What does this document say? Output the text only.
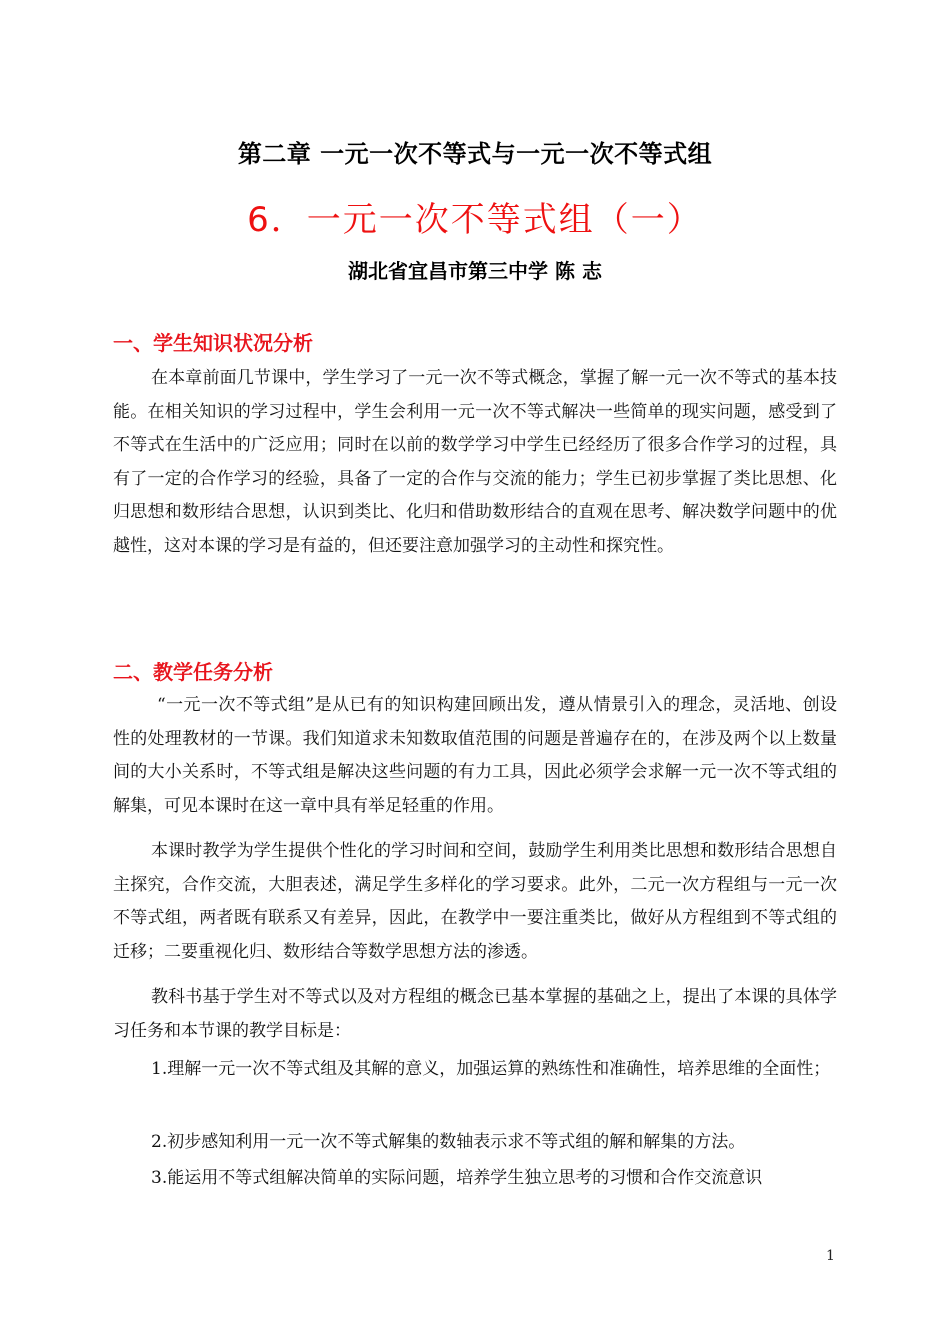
第二章 一元一次不等式与一元一次不等式组
6．一元一次不等式组（一）
湖北省宜昌市第三中学 陈 志
一、学生知识状况分析

在本章前面几节课中，学生学习了一元一次不等式概念，掌握了解一元一次不等式的基本技能。在相关知识的学习过程中，学生会利用一元一次不等式解决一些简单的现实问题，感受到了不等式在生活中的广泛应用；同时在以前的数学学习中学生已经经历了很多合作学习的过程，具有了一定的合作学习的经验，具备了一定的合作与交流的能力；学生已初步掌握了类比思想、化归思想和数形结合思想，认识到类比、化归和借助数形结合的直观在思考、解决数学问题中的优越性，这对本课的学习是有益的，但还要注意加强学习的主动性和探究性。

二、教学任务分析

“一元一次不等式组”是从已有的知识构建回顾出发，遵从情景引入的理念，灵活地、创设性的处理教材的一节课。我们知道求未知数取值范围的问题是普遍存在的，在涉及两个以上数量间的大小关系时，不等式组是解决这些问题的有力工具，因此必须学会求解一元一次不等式组的解集，可见本课时在这一章中具有举足轻重的作用。

本课时教学为学生提供个性化的学习时间和空间，鼓励学生利用类比思想和数形结合思想自主探究，合作交流，大胆表述，满足学生多样化的学习要求。此外，二元一次方程组与一元一次不等式组，两者既有联系又有差异，因此，在教学中一要注重类比，做好从方程组到不等式组的迁移；二要重视化归、数形结合等数学思想方法的渗透。

教科书基于学生对不等式以及对方程组的概念已基本掌握的基础之上，提出了本课的具体学习任务和本节课的教学目标是：

1.理解一元一次不等式组及其解的意义，加强运算的熟练性和准确性，培养思维的全面性；

2.初步感知利用一元一次不等式解集的数轴表示求不等式组的解和解集的方法。

3.能运用不等式组解决简单的实际问题，培养学生独立思考的习惯和合作交流意识

1
